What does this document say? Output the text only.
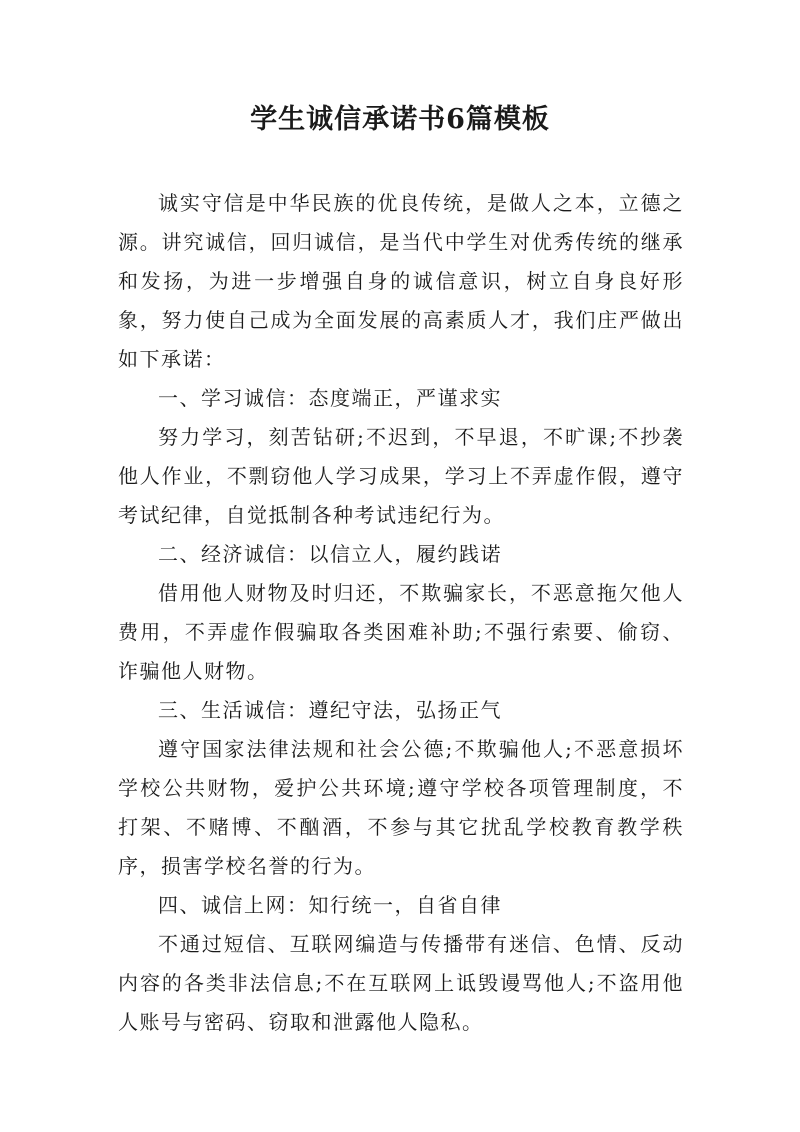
学生诚信承诺书6篇模板

诚实守信是中华民族的优良传统，是做人之本，立德之源。讲究诚信，回归诚信，是当代中学生对优秀传统的继承和发扬，为进一步增强自身的诚信意识，树立自身良好形象，努力使自己成为全面发展的高素质人才，我们庄严做出如下承诺：

一、学习诚信：态度端正，严谨求实

努力学习，刻苦钻研;不迟到，不早退，不旷课;不抄袭他人作业，不剽窃他人学习成果，学习上不弄虚作假，遵守考试纪律，自觉抵制各种考试违纪行为。

二、经济诚信：以信立人，履约践诺

借用他人财物及时归还，不欺骗家长，不恶意拖欠他人费用，不弄虚作假骗取各类困难补助;不强行索要、偷窃、诈骗他人财物。

三、生活诚信：遵纪守法，弘扬正气

遵守国家法律法规和社会公德;不欺骗他人;不恶意损坏学校公共财物，爱护公共环境;遵守学校各项管理制度，不打架、不赌博、不酗酒，不参与其它扰乱学校教育教学秩序，损害学校名誉的行为。

四、诚信上网：知行统一，自省自律

不通过短信、互联网编造与传播带有迷信、色情、反动内容的各类非法信息;不在互联网上诋毁谩骂他人;不盗用他人账号与密码、窃取和泄露他人隐私。
